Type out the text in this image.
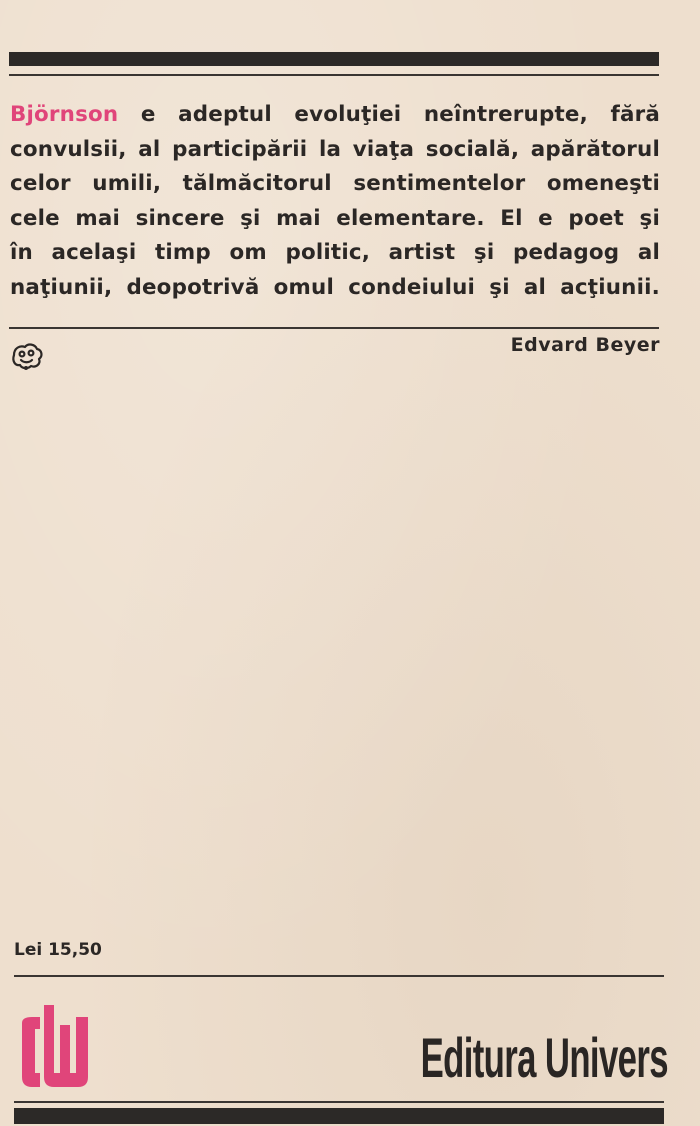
Björnson e adeptul evoluţiei neîntrerupte, fără
convulsii, al participării la viaţa socială, apărătorul
celor umili, tălmăcitorul sentimentelor omeneşti
cele mai sincere şi mai elementare. El e poet şi
în acelaşi timp om politic, artist şi pedagog al
naţiunii, deopotrivă omul condeiului şi al acţiunii.

Edvard Beyer
Lei 15,50
Editura Univers
